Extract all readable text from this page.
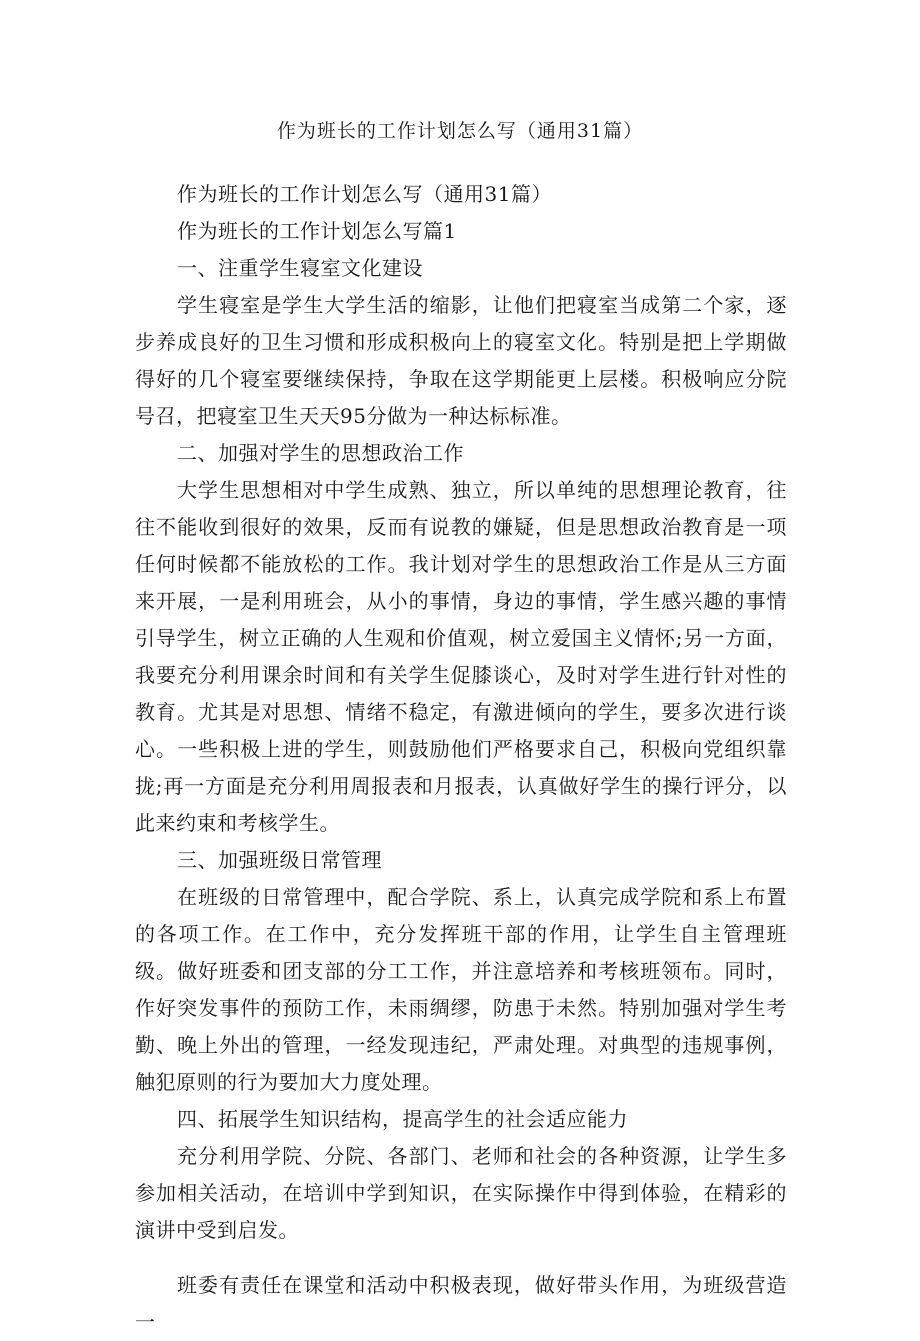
作为班长的工作计划怎么写（通用31篇）

作为班长的工作计划怎么写（通用31篇）

作为班长的工作计划怎么写篇1

一、注重学生寝室文化建设

学生寝室是学生大学生活的缩影，让他们把寝室当成第二个家，逐步养成良好的卫生习惯和形成积极向上的寝室文化。特别是把上学期做得好的几个寝室要继续保持，争取在这学期能更上层楼。积极响应分院号召，把寝室卫生天天95分做为一种达标标准。

二、加强对学生的思想政治工作

大学生思想相对中学生成熟、独立，所以单纯的思想理论教育，往往不能收到很好的效果，反而有说教的嫌疑，但是思想政治教育是一项任何时候都不能放松的工作。我计划对学生的思想政治工作是从三方面来开展，一是利用班会，从小的事情，身边的事情，学生感兴趣的事情引导学生，树立正确的人生观和价值观，树立爱国主义情怀;另一方面，我要充分利用课余时间和有关学生促膝谈心，及时对学生进行针对性的教育。尤其是对思想、情绪不稳定，有激进倾向的学生，要多次进行谈心。一些积极上进的学生，则鼓励他们严格要求自己，积极向党组织靠拢;再一方面是充分利用周报表和月报表，认真做好学生的操行评分，以此来约束和考核学生。

三、加强班级日常管理

在班级的日常管理中，配合学院、系上，认真完成学院和系上布置的各项工作。在工作中，充分发挥班干部的作用，让学生自主管理班级。做好班委和团支部的分工工作，并注意培养和考核班领布。同时，作好突发事件的预防工作，未雨绸缪，防患于未然。特别加强对学生考勤、晚上外出的管理，一经发现违纪，严肃处理。对典型的违规事例，触犯原则的行为要加大力度处理。

四、拓展学生知识结构，提高学生的社会适应能力

充分利用学院、分院、各部门、老师和社会的各种资源，让学生多参加相关活动，在培训中学到知识，在实际操作中得到体验，在精彩的演讲中受到启发。

班委有责任在课堂和活动中积极表现，做好带头作用，为班级营造一
